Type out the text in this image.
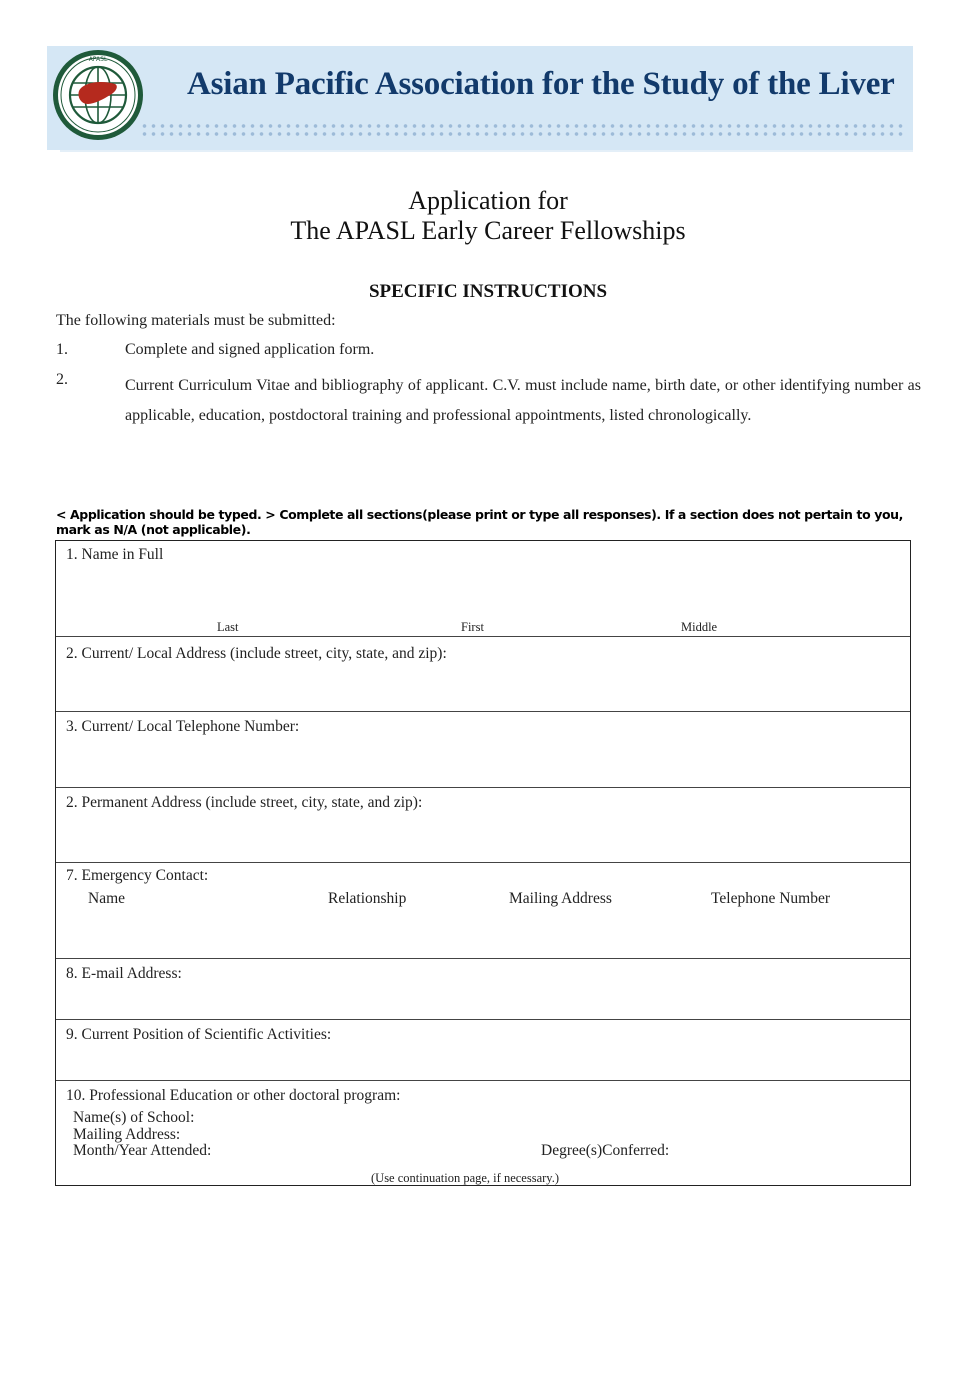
APASL
Asian Pacific Association for the Study of the Liver
Application for
The APASL Early Career Fellowships
SPECIFIC INSTRUCTIONS
The following materials must be submitted:
1.	Complete and signed application form.
2.	Current Curriculum Vitae and bibliography of applicant. C.V. must include name, birth date, or other identifying number as applicable, education, postdoctoral training and professional appointments, listed chronologically.
< Application should be typed. > Complete all sections(please print or type all responses). If a section does not pertain to you, mark as N/A (not applicable).
1. Name in Full
Last	First	Middle
2. Current/ Local Address (include street, city, state, and zip):
3. Current/ Local Telephone Number:
2. Permanent Address (include street, city, state, and zip):
7. Emergency Contact:
Name	Relationship	Mailing Address	Telephone Number
8. E-mail Address:
9. Current Position of Scientific Activities:
10. Professional Education or other doctoral program:
Name(s) of School:
Mailing Address:
Month/Year Attended:	Degree(s)Conferred:
(Use continuation page, if necessary.)
